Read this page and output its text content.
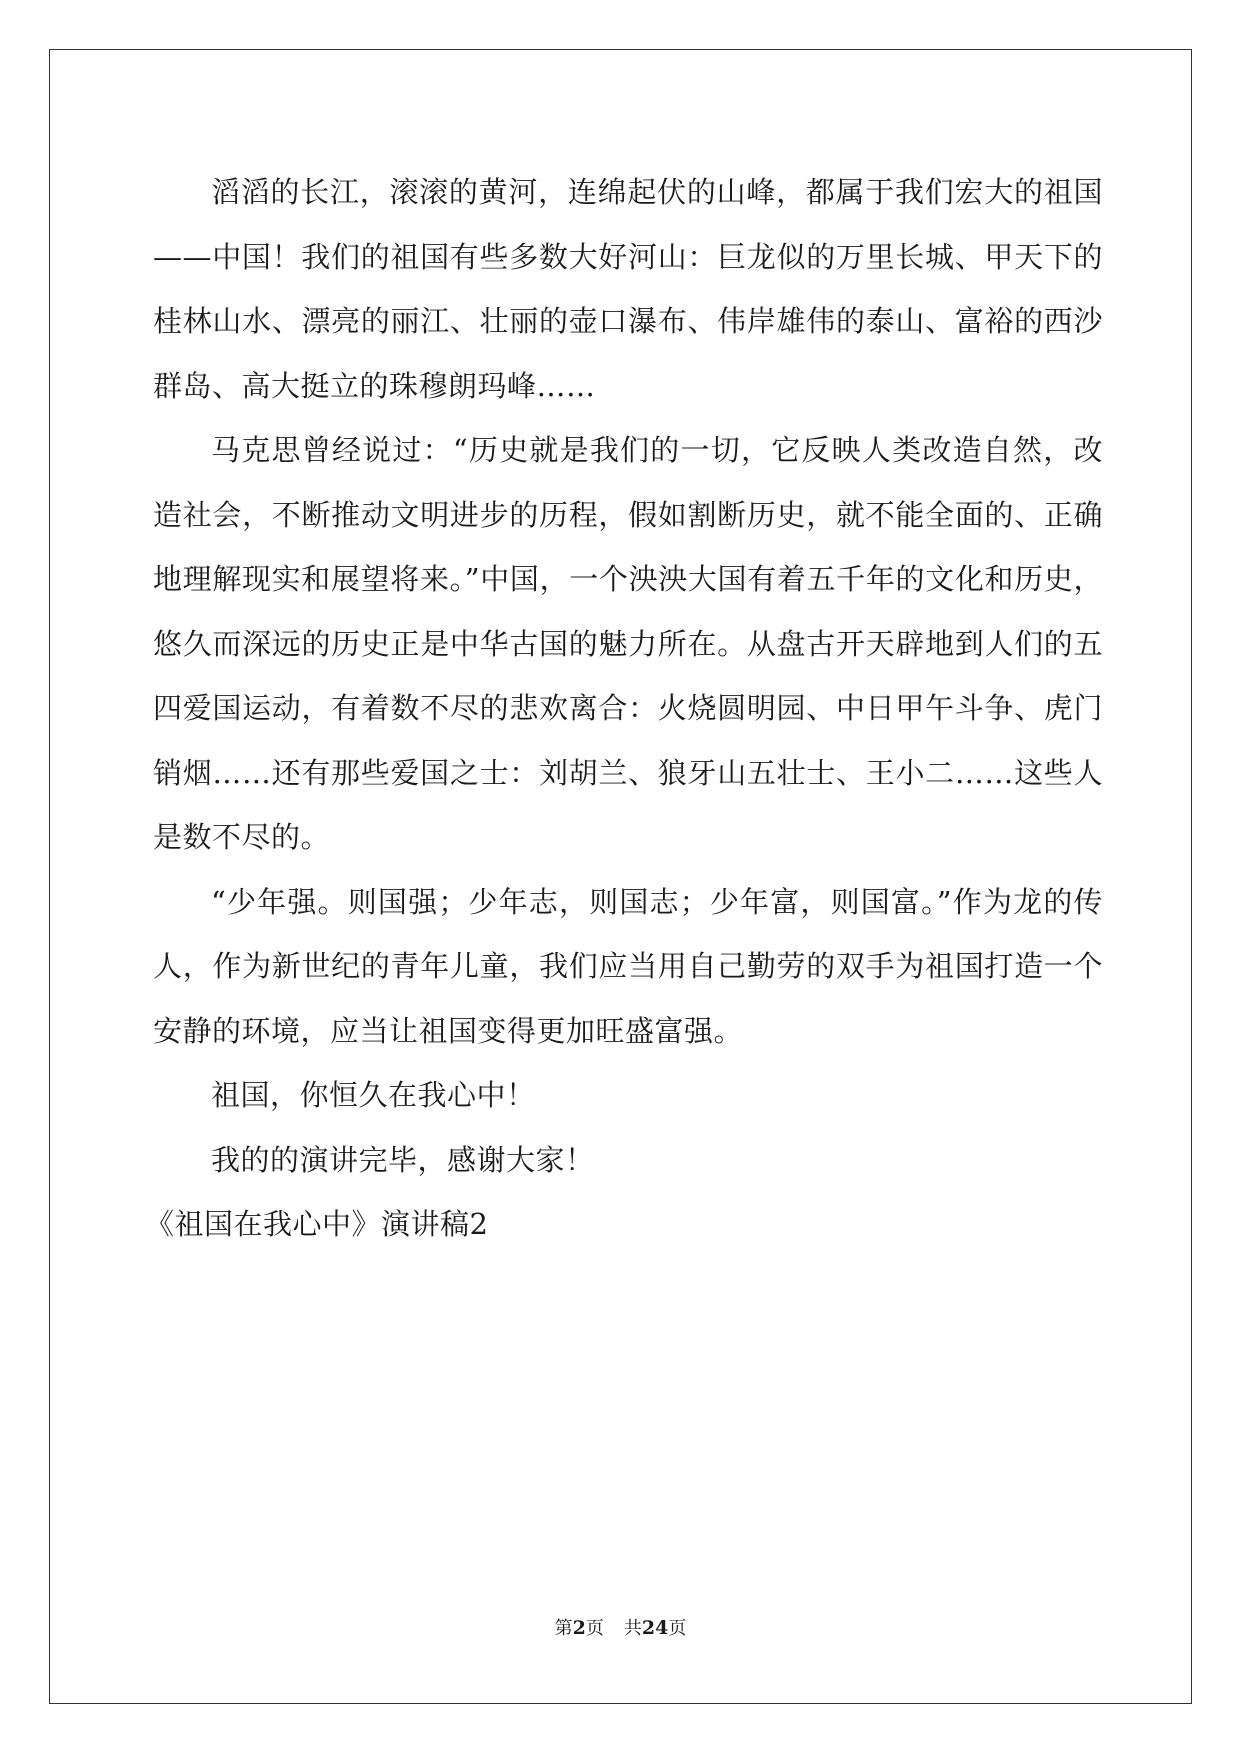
滔滔的长江，滚滚的黄河，连绵起伏的山峰，都属于我们宏大的祖国——中国！我们的祖国有些多数大好河山：巨龙似的万里长城、甲天下的桂林山水、漂亮的丽江、壮丽的壶口瀑布、伟岸雄伟的泰山、富裕的西沙群岛、高大挺立的珠穆朗玛峰……

马克思曾经说过：“历史就是我们的一切，它反映人类改造自然，改造社会，不断推动文明进步的历程，假如割断历史，就不能全面的、正确地理解现实和展望将来。”中国，一个泱泱大国有着五千年的文化和历史，悠久而深远的历史正是中华古国的魅力所在。从盘古开天辟地到人们的五四爱国运动，有着数不尽的悲欢离合：火烧圆明园、中日甲午斗争、虎门销烟……还有那些爱国之士：刘胡兰、狼牙山五壮士、王小二……这些人是数不尽的。

“少年强。则国强；少年志，则国志；少年富，则国富。”作为龙的传人，作为新世纪的青年儿童，我们应当用自己勤劳的双手为祖国打造一个安静的环境，应当让祖国变得更加旺盛富强。

祖国，你恒久在我心中！

我的的演讲完毕，感谢大家！

《祖国在我心中》演讲稿2

第2页 共24页
